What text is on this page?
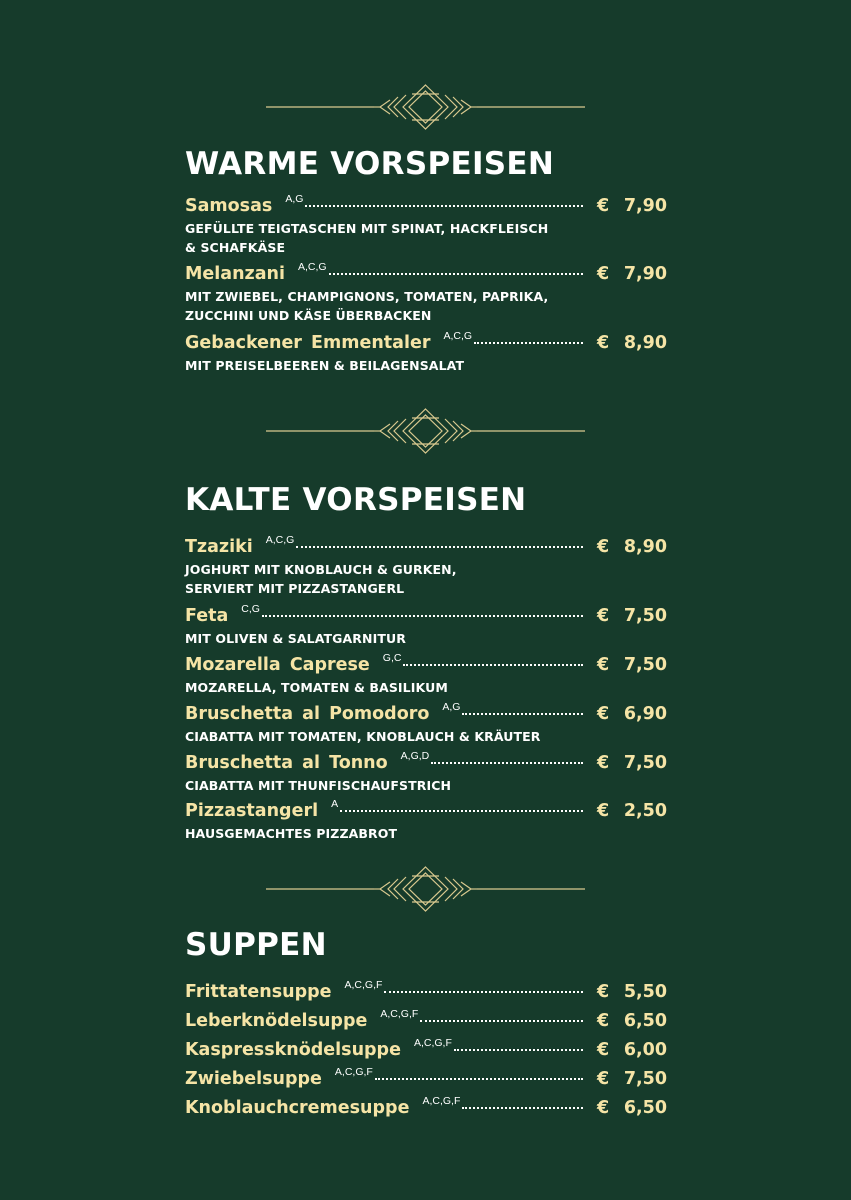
WARME VORSPEISEN
KALTE VORSPEISEN
SUPPEN
Samosas A,G	€ 7,90
GEFÜLLTE TEIGTASCHEN MIT SPINAT, HACKFLEISCH
& SCHAFKÄSE
Melanzani A,C,G	€ 7,90
MIT ZWIEBEL, CHAMPIGNONS, TOMATEN, PAPRIKA,
ZUCCHINI UND KÄSE ÜBERBACKEN
Gebackener Emmentaler A,C,G	€ 8,90
MIT PREISELBEEREN & BEILAGENSALAT
Tzaziki A,C,G	€ 8,90
JOGHURT MIT KNOBLAUCH & GURKEN,
SERVIERT MIT PIZZASTANGERL
Feta C,G	€ 7,50
MIT OLIVEN & SALATGARNITUR
Mozarella Caprese G,C	€ 7,50
MOZARELLA, TOMATEN & BASILIKUM
Bruschetta al Pomodoro A,G	€ 6,90
CIABATTA MIT TOMATEN, KNOBLAUCH & KRÄUTER
Bruschetta al Tonno A,G,D	€ 7,50
CIABATTA MIT THUNFISCHAUFSTRICH
Pizzastangerl A	€ 2,50
HAUSGEMACHTES PIZZABROT
Frittatensuppe A,C,G,F	€ 5,50
Leberknödelsuppe A,C,G,F	€ 6,50
Kaspressknödelsuppe A,C,G,F	€ 6,00
Zwiebelsuppe A,C,G,F	€ 7,50
Knoblauchcremesuppe A,C,G,F	€ 6,50
